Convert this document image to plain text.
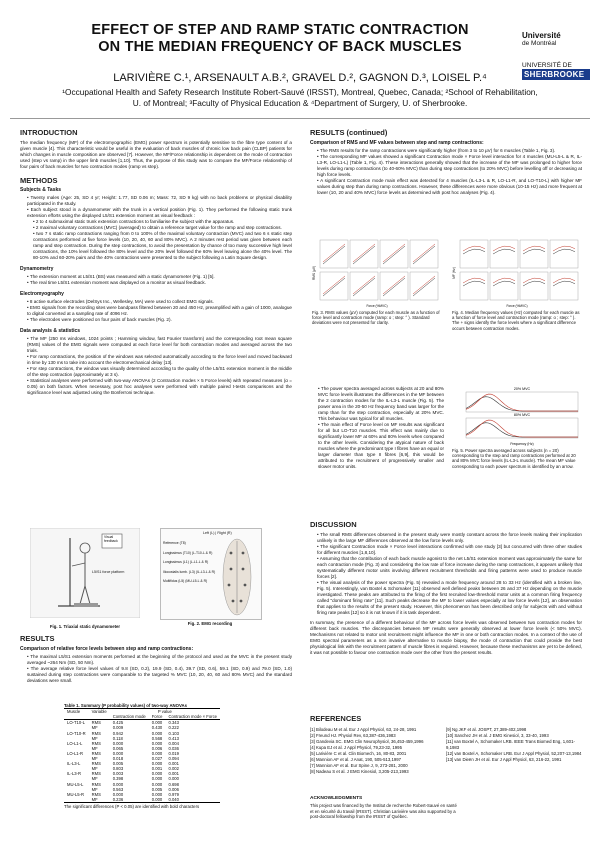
EFFECT OF STEP AND RAMP STATIC CONTRACTION
ON THE MEDIAN FREQUENCY OF BACK MUSCLES
Université
de Montréal
UNIVERSITÉ DE
SHERBROOKE
LARIVIÈRE C.¹, ARSENAULT A.B.², GRAVEL D.², GAGNON D.³, LOISEL P.⁴
¹Occupational Health and Safety Research Institute Robert-Sauvé (IRSST), Montreal, Quebec, Canada; ²School of Rehabilitation,
U. of Montreal; ³Faculty of Physical Education & ⁴Department of Surgery, U. of Sherbrooke.
INTRODUCTION

The median frequency (MF) of the electromyographic (EMG) power spectrum is potentially sensitive to the fibre type content of a given muscle [4]. This characteristic would be useful in the evaluation of back muscles of chronic low back pain (CLBP) patients for which changes in muscle composition are observed [7]. However, the MF/Force relationship is dependent on the mode of contraction used (step vs ramp) in the upper limb muscles [1,10]. Thus, the purpose of this study was to compare the MF/Force relationship of four pairs of back muscles for two contraction modes (ramp vs step).

METHODS
Subjects & Tasks
• Twenty males (Age: 25, SD 4 yr; Height: 1.77, SD 0.06 m; Mass: 72, SD 9 kg) with no back problems or physical disability participated in the study.
• Each subject stood in a dynamometer with the trunk in a vertical position (Fig. 1). They performed the following static trunk extension efforts using the displayed L5/S1 extension moment as visual feedback :
• 2 to 4 submaximal static trunk extension contractions to familiarise the subject with the apparatus.
• 2 maximal voluntary contractions (MVC) (averaged) to obtain a reference target value for the ramp and step contractions.
• two 7 s static ramp contractions ranging from 0 to 100% of the maximal voluntary contraction (MVC) and two 6 s static step contractions performed at five force levels (10, 20, 40, 60 and 80% MVC). A 2 minutes rest period was given between each ramp and step contraction. During the step contractions, to avoid the presentation by chance of too many successive high level contractions, the 10% level followed the 80% level and the 20% level followed the 60% level leaving alone the 40% level. The 80-10% and 60-20% pairs and the 40% contractions were presented to the subject following a Latin Square design.
Dynamometry
• The extension moment at L5/S1 (BS) was measured with a static dynamometer (Fig. 1) [5].
• The real time L5/S1 extension moment was displayed on a monitor as visual feedback.
Electromyography
• 8 active surface electrodes (DelSys Inc., Wellesley, MA) were used to collect EMG signals.
• EMG signals from the recording sites were bandpass filtered between 20 and 450 Hz, preamplified with a gain of 1000, analogue to digital converted at a sampling rate of 4096 Hz.
• The electrodes were positioned on four pairs of back muscles (Fig. 2).
Data analysis & statistics
• The MF (250 ms windows, 1024 points ; Hamming window, fast Fourier transform) and the corresponding root mean square (RMS) values of the EMG signals were computed at each force level for both contraction modes and averaged across the two trials.
• For ramp contractions, the position of the windows was selected automatically according to the force level and moved backward in time by 130 ms to take into account the electromechanical delay [13].
• For step contractions, the window was visually determined according to the quality of the L5/S1 extension moment in the middle of the step contraction (approximately at 3 s).
• Statistical analyses were performed with two-way ANOVAs (2 Contraction modes × 5 Force levels) with repeated measures (α = 0.05) on both factors. When necessary, post hoc analyses were performed with multiple paired t-tests comparisons and the significance level was adjusted using the Bonferroni technique.
Visual feedback
L5/S1 force platform
Fig. 1. Triaxial static dynamometer
Left (L) | Right (R)
Reference (T8)
Longissimus (T10) (L-T10-L & R)
Longissimus (L1) (L-L1-L & R)
Iliocostalis lumb. (L3) (IL-L3-L & R)
Multifidus (L5) (MU-L5-L & R)
Fig. 2. EMG recording
RESULTS
Comparison of relative force levels between step and ramp contractions:
• The maximal L5/S1 extension moments performed at the beginning of the protocol and used as the MVC in the present study averaged ~264 Nm (SD, 50 Nm).
• The average relative force level values of 9.8 (SD, 0.2), 19.9 (SD, 0.4), 39.7 (SD, 0.6), 59.1 (SD, 0.9) and 79.0 (SD, 1.0) sustained during step contractions were comparable to the targeted % MVC (10, 20, 40, 60 and 80% MVC) and the standard deviations were small.
Table 1. Summary (P probability values) of two-way ANOVAs
Muscle	Variable	P value		
		Contraction mode	Force	Contraction mode × Force
LO-T10-L	RMS	0.425	0.000	0.343
	MF	0.009	0.430	0.222
LO-T10-R	RMS	0.942	0.000	0.103
	MF	0.118	0.568	0.413
LO-L1-L	RMS	0.000	0.000	0.004
	MF	0.065	0.006	0.036
LO-L1-R	RMS	0.000	0.000	0.019
	MF	0.018	0.027	0.094
IL-L3-L	RMS	0.005	0.000	0.001
	MF	0.803	0.001	0.002
IL-L3-R	RMS	0.003	0.000	0.001
	MF	0.398	0.000	0.000
MU-L5-L	RMS	0.000	0.000	0.698
	MF	0.563	0.005	0.006
MU-L5-R	RMS	0.000	0.000	0.979
	MF	0.236	0.000	0.040
The significant differences (P < 0.05) are identified with bold characters
RESULTS (continued)
Comparison of RMS and MF values between step and ramp contractions:
• The RMS results for the ramp contractions were significantly higher (from 3 to 10 µV) for 6 muscles (Table 1, Fig. 3).
• The corresponding MF values showed a significant Contraction mode × Force level interaction for 4 muscles (MU-L5-L & R, IL-L3-R, LO-L1-L) (Table 1, Fig. 4). These interactions generally showed that the increase of the MF was prolonged to higher force levels during ramp contractions (to 40-60% MVC) than during step contractions (to 20% MVC) before levelling off or decreasing at high force levels.
• A significant Contraction mode main effect was detected for 4 muscles (IL-L3-L & R, LO-L1-R, and LO-T10-L) with higher MF values during step than during ramp contractions. However, these differences were more obvious (10-15 Hz) and more frequent at lower (10, 20 and 40% MVC) force levels as determined with post hoc analyses (Fig. 4).
RMS (µV)
Force (%MVC)
MF (Hz)
Force (%MVC)
Fig. 3. RMS values (µV) computed for each muscle as a function of force level and contraction mode (ramp: o ; step: ° ). Standard deviations were not presented for clarity.
Fig. 4. Median frequency values (Hz) computed for each muscle as a function of force level and contraction mode (ramp: o ; step: ° ). The + signs identify the force levels where a significant difference occurs between contraction modes.
• The power spectra averaged across subjects at 20 and 80% MVC force levels illustrates the differences in the MF between the 2 contraction modes for the IL-L3-L muscle (Fig. 5). The power area in the 20-50 Hz frequency band was larger for the ramp than for the step contraction, especially at 20% MVC. This behaviour was typical for all muscles.
• The main effect of Force level on MF results was significant for all but LO-T10 muscles. This effect was mainly due to significantly lower MF at 60% and 80% levels when compared to the other levels. Considering the atypical nature of back muscles where the predominant type I fibres have an equal or larger diameter than type II fibres [6,9], this would be attributed to the recruitment of progressively smaller and slower motor units.
20% MVC
80% MVC
Frequency (Hz)
Fig. 5. Power spectra averaged across subjects (n = 20) corresponding to the step and ramp contractions performed at 20 and 80% MVC force levels (IL-L3-L muscle). The mean MF value corresponding to each power spectrum is identified by an arrow.
DISCUSSION
• The small RMS differences observed in the present study were mostly constant across the force levels making their implication unlikely in the large MF differences observed at the low force levels only.
• The significant Contraction mode × Force level interactions confirmed with one study [3] but concurred with three other studies for different muscles [1,8,10].
• Assuming that the contribution of each back muscle agonist to the net L5/S1 extension moment was approximately the same for each contraction mode (Fig. 3) and considering the low rate of force increase during the ramp contractions, it appears unlikely that systematically different motor units involving different recruitment thresholds and firing patterns were used to produce muscle forces [2].
• The visual analysis of the power spectra (Fig. 5) revealed a mode frequency around 28 to 33 Hz (identified with a broken line, Fig. 5). Interestingly, van Boxtel & Schomaker [11] observed well defined peaks between 26 and 37 Hz depending on the muscle investigated. These peaks are attributed to the firing of the first recruited low-threshold motor units at a common firing frequency called "dominant firing rate" [11]. Such peaks decrease the MF to lower values especially at low force levels [12], an observation that applies to the results of the present study. However, this phenomenon has been described only for subjects with and without firing rate peaks [12] so it is not known if it is task dependent.

In summary, the presence of a different behaviour of the MF across force levels was observed between two contraction modes for different back muscles. The discrepancies between MF results were generally observed at lower force levels (< 50% MVC). Mechanisms not related to motor unit recruitment might influence the MF in one or both contraction modes. In a context of the use of EMG spectral parameters as a non invasive alternative to muscle biopsy, the mode of contraction that could provide the best physiological link with the recruitment pattern of muscle fibres is required. However, because these mechanisms are yet to be defined, it was not possible to favour one contraction mode over the other from the present results.

REFERENCES
[1] Bilodeau M et al. Eur J Appl Physiol, 63, 24-28, 1991
[2] Freund HJ. Physiol Rev, 63,387-436,1983
[3] Gandevia SC. EMG Clin Neurophysiol, 36,453-459,1996
[4] Kupa EJ et al. J Appl Physiol, 79,23-32, 1995
[5] Larivière C et al. Clin Biomech, 16, 80-83, 2001
[6] Mannion AF et al. J Anat, 190, 505-513,1997
[7] Mannion AF et al. Eur Spine J, 9, 273-281, 2000
[8] Nadeau S et al. J EMG Kinesiol, 3,205-213,1993
[9] Ng JKF et al. JOSPT, 27,389-402,1998
[10] Sanchez JH et al. J EMG Kinesiol, 3, 33-40, 1993
[11] van Boxtel A, Schomaker LRB. IEEE Trans Biomed Eng, 1,601-9,1983
[12] van Boxtel A, Schomaker LRB. Eur J Appl Physiol, 52,207-13,1984
[13] van Dieën JH et al. Eur J Appl Physiol, 63, 216-22, 1991
ACKNOWLEDGMENTS
This project was financed by the Institut de recherche Robert-Sauvé en santé et en sécurité du travail (IRSST). Christian Larivière was also supported by a post-doctoral fellowship from the IRSST of Québec.
